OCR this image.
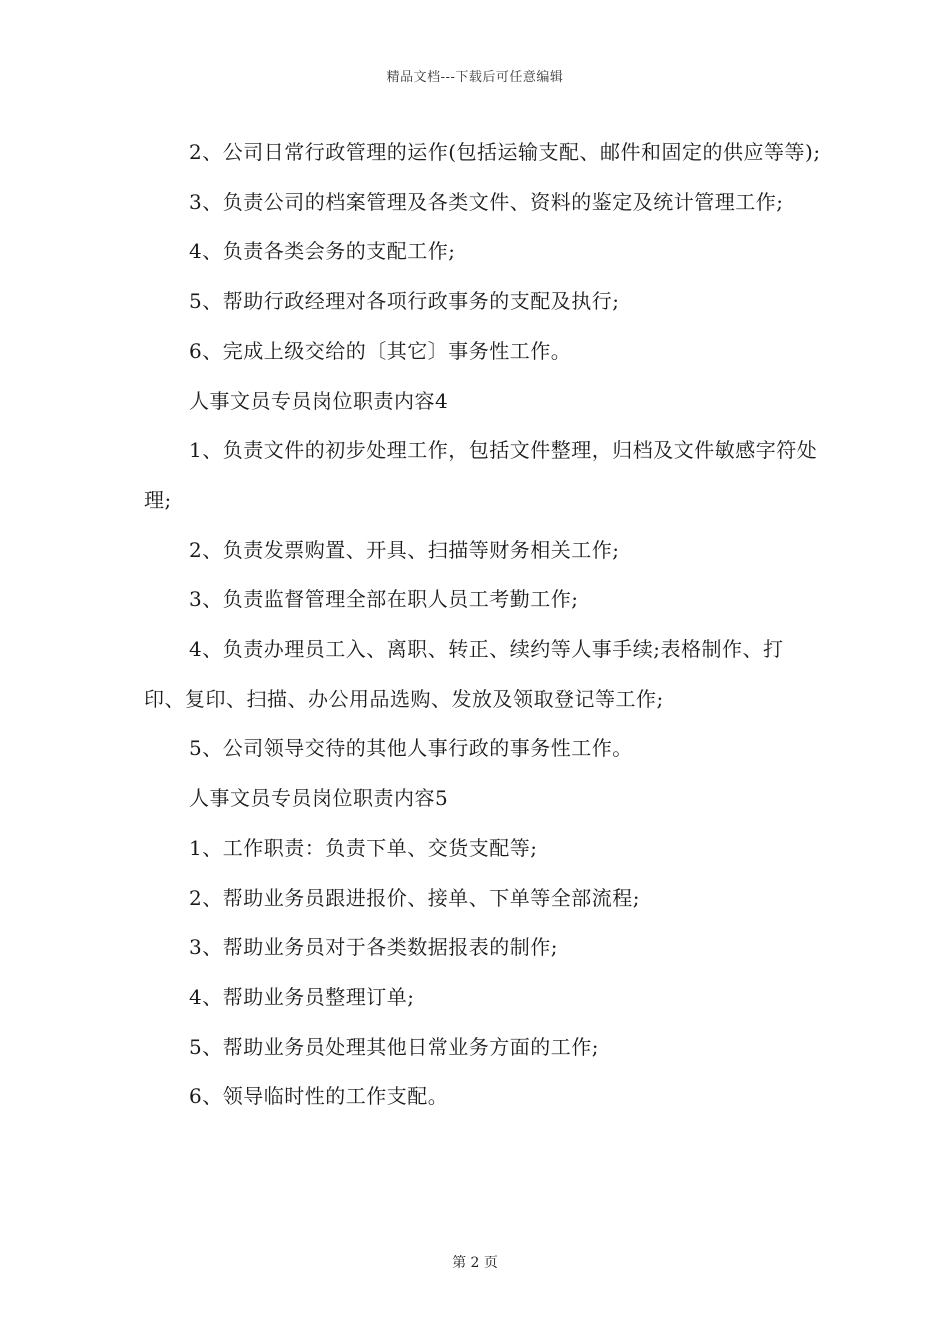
精品文档---下载后可任意编辑

2、公司日常行政管理的运作(包括运输支配、邮件和固定的供应等等);

3、负责公司的档案管理及各类文件、资料的鉴定及统计管理工作;

4、负责各类会务的支配工作;

5、帮助行政经理对各项行政事务的支配及执行;

6、完成上级交给的〔其它〕事务性工作。

人事文员专员岗位职责内容4

1、负责文件的初步处理工作，包括文件整理，归档及文件敏感字符处理;

2、负责发票购置、开具、扫描等财务相关工作;

3、负责监督管理全部在职人员工考勤工作;

4、负责办理员工入、离职、转正、续约等人事手续;表格制作、打印、复印、扫描、办公用品选购、发放及领取登记等工作;

5、公司领导交待的其他人事行政的事务性工作。

人事文员专员岗位职责内容5

1、工作职责：负责下单、交货支配等;

2、帮助业务员跟进报价、接单、下单等全部流程;

3、帮助业务员对于各类数据报表的制作;

4、帮助业务员整理订单;

5、帮助业务员处理其他日常业务方面的工作;

6、领导临时性的工作支配。

第 2 页
